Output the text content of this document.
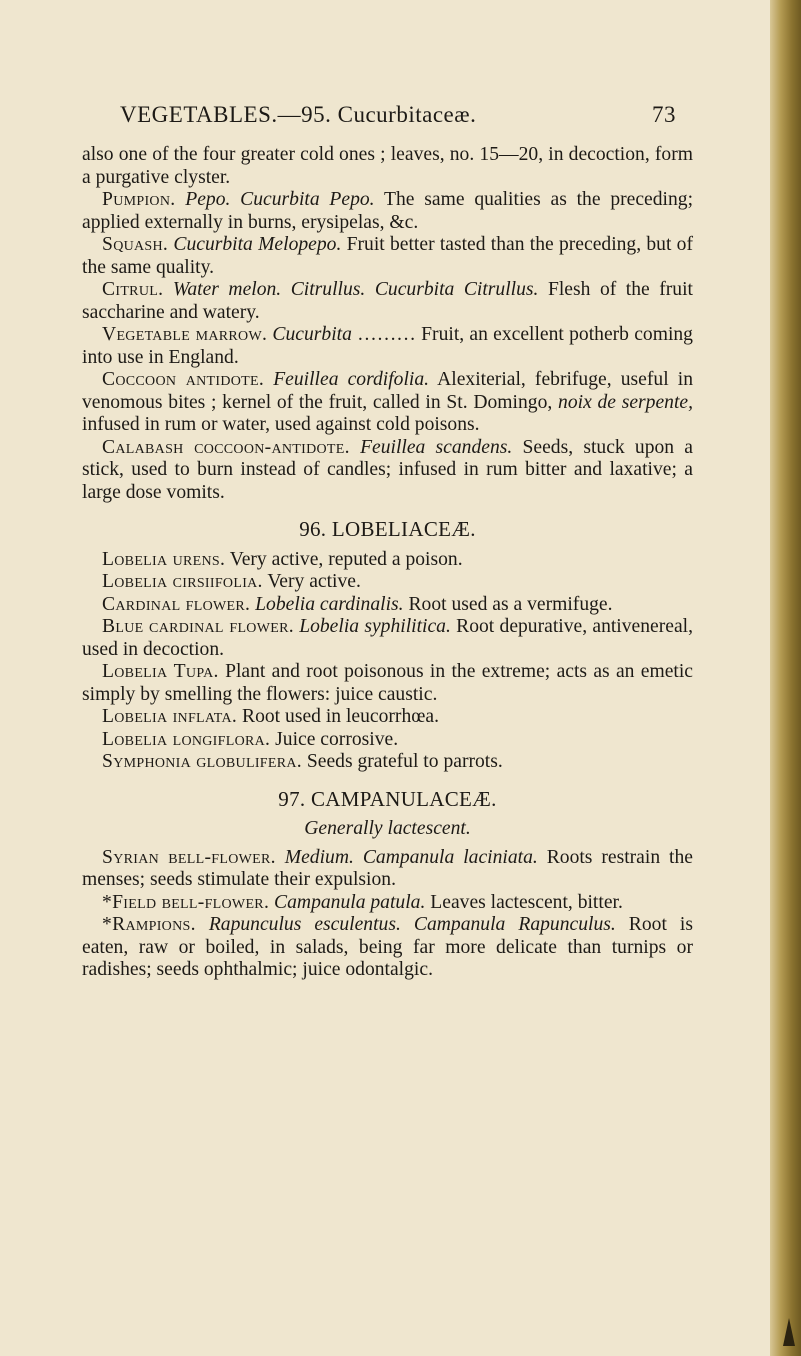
VEGETABLES.—95. Cucurbitaceæ.	73

also one of the four greater cold ones ; leaves, no. 15—20, in decoction, form a purgative clyster.

Pumpion. Pepo. Cucurbita Pepo. The same qualities as the preceding; applied externally in burns, erysipelas, &c.

Squash. Cucurbita Melopepo. Fruit better tasted than the preceding, but of the same quality.

Citrul. Water melon. Citrullus. Cucurbita Citrullus. Flesh of the fruit saccharine and watery.

Vegetable marrow. Cucurbita ……… Fruit, an excellent potherb coming into use in England.

Coccoon antidote. Feuillea cordifolia. Alexiterial, febrifuge, useful in venomous bites ; kernel of the fruit, called in St. Domingo, noix de serpente, infused in rum or water, used against cold poisons.

Calabash coccoon-antidote. Feuillea scandens. Seeds, stuck upon a stick, used to burn instead of candles; infused in rum bitter and laxative; a large dose vomits.

96. LOBELIACEÆ.

Lobelia urens. Very active, reputed a poison.

Lobelia cirsiifolia. Very active.

Cardinal flower. Lobelia cardinalis. Root used as a vermifuge.

Blue cardinal flower. Lobelia syphilitica. Root depurative, antivenereal, used in decoction.

Lobelia Tupa. Plant and root poisonous in the extreme; acts as an emetic simply by smelling the flowers: juice caustic.

Lobelia inflata. Root used in leucorrhœa.

Lobelia longiflora. Juice corrosive.

Symphonia globulifera. Seeds grateful to parrots.

97. CAMPANULACEÆ.
Generally lactescent.

Syrian bell-flower. Medium. Campanula laciniata. Roots restrain the menses; seeds stimulate their expulsion.

*Field bell-flower. Campanula patula. Leaves lactescent, bitter.

*Rampions. Rapunculus esculentus. Campanula Rapunculus. Root is eaten, raw or boiled, in salads, being far more delicate than turnips or radishes; seeds ophthalmic; juice odontalgic.
